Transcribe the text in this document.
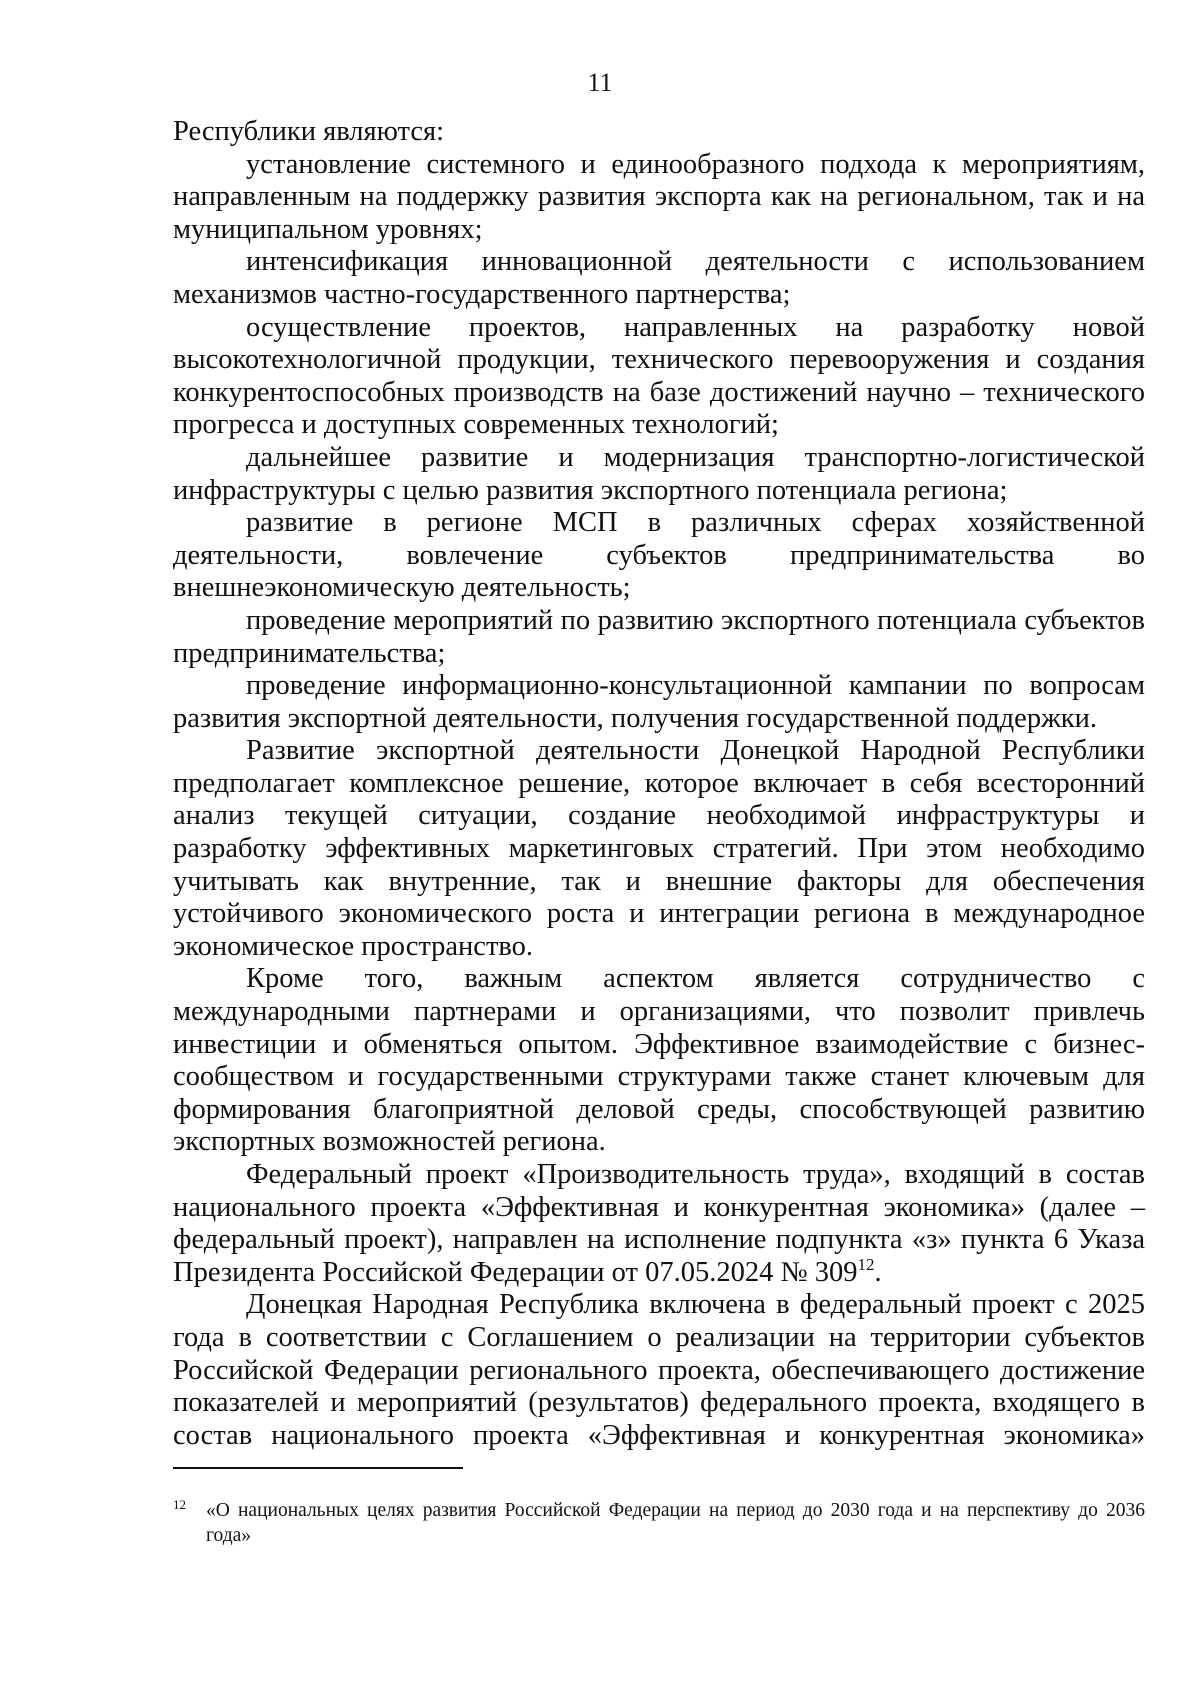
11

Республики являются:

установление системного и единообразного подхода к мероприятиям, направленным на поддержку развития экспорта как на региональном, так и на муниципальном уровнях;

интенсификация инновационной деятельности с использованием механизмов частно-государственного партнерства;

осуществление проектов, направленных на разработку новой высокотехнологичной продукции, технического перевооружения и создания конкурентоспособных производств на базе достижений научно – технического прогресса и доступных современных технологий;

дальнейшее развитие и модернизация транспортно-логистической инфраструктуры с целью развития экспортного потенциала региона;

развитие в регионе МСП в различных сферах хозяйственной деятельности, вовлечение субъектов предпринимательства во внешнеэкономическую деятельность;

проведение мероприятий по развитию экспортного потенциала субъектов предпринимательства;

проведение информационно-консультационной кампании по вопросам развития экспортной деятельности, получения государственной поддержки.

Развитие экспортной деятельности Донецкой Народной Республики предполагает комплексное решение, которое включает в себя всесторонний анализ текущей ситуации, создание необходимой инфраструктуры и разработку эффективных маркетинговых стратегий. При этом необходимо учитывать как внутренние, так и внешние факторы для обеспечения устойчивого экономического роста и интеграции региона в международное экономическое пространство.

Кроме того, важным аспектом является сотрудничество с международными партнерами и организациями, что позволит привлечь инвестиции и обменяться опытом. Эффективное взаимодействие с бизнес-сообществом и государственными структурами также станет ключевым для формирования благоприятной деловой среды, способствующей развитию экспортных возможностей региона.

Федеральный проект «Производительность труда», входящий в состав национального проекта «Эффективная и конкурентная экономика» (далее – федеральный проект), направлен на исполнение подпункта «з» пункта 6 Указа Президента Российской Федерации от 07.05.2024 № 309$^{12}$.

Донецкая Народная Республика включена в федеральный проект с 2025 года в соответствии с Соглашением о реализации на территории субъектов Российской Федерации регионального проекта, обеспечивающего достижение показателей и мероприятий (результатов) федерального проекта, входящего в состав национального проекта «Эффективная и конкурентная экономика»

12	«О национальных целях развития Российской Федерации на период до 2030 года и на перспективу до 2036 года»
